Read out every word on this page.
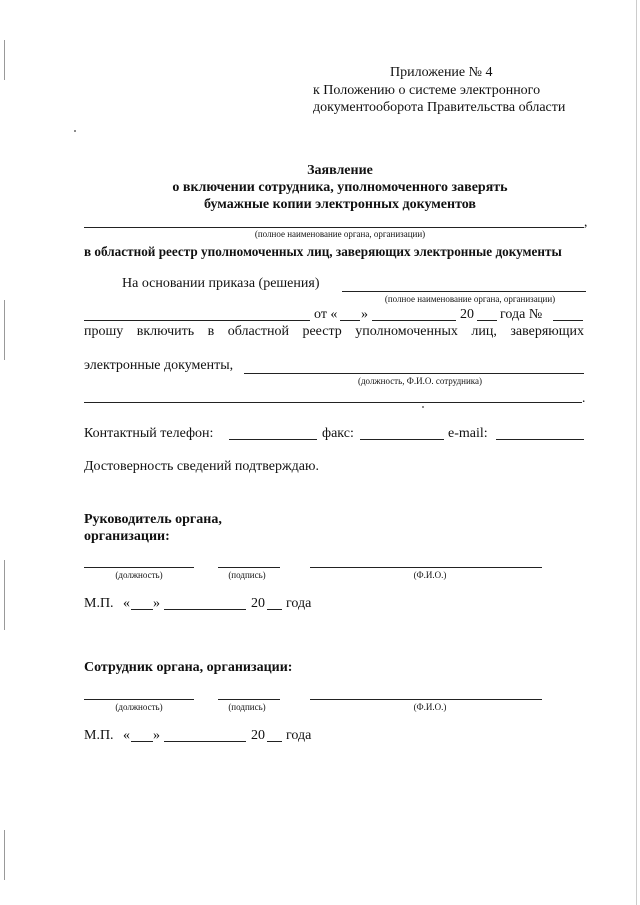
Приложение № 4
к Положению о системе электронного
документооборота Правительства области
Заявление
о включении сотрудника, уполномоченного заверять
бумажные копии электронных документов
,
(полное наименование органа, организации)
в областной реестр уполномоченных лиц, заверяющих электронные документы
На основании приказа (решения)
(полное наименование органа, организации)
от « »	20 года №
прошу включить в областной реестр уполномоченных лиц, заверяющих
электронные документы,
(должность, Ф.И.О. сотрудника)
.
Контактный телефон:	факс:	e-mail:
Достоверность сведений подтверждаю.
Руководитель органа,
организации:
(должность)	(подпись)	(Ф.И.О.)
М.П. « »	20 года
Сотрудник органа, организации:
(должность)	(подпись)	(Ф.И.О.)
М.П. « »	20 года
